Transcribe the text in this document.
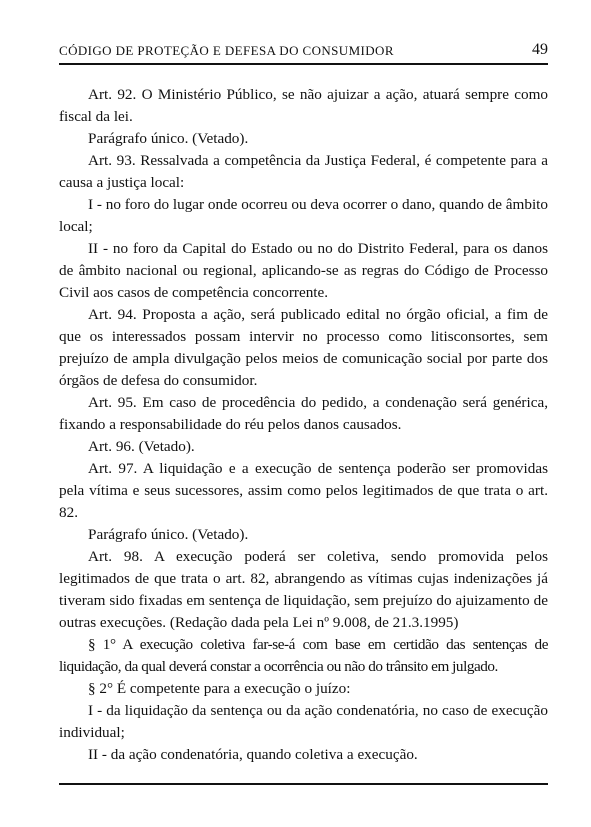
CÓDIGO DE PROTEÇÃO E DEFESA DO CONSUMIDOR	49

Art. 92. O Ministério Público, se não ajuizar a ação, atuará sempre como fiscal da lei.

Parágrafo único. (Vetado).

Art. 93. Ressalvada a competência da Justiça Federal, é competente para a causa a justiça local:

I - no foro do lugar onde ocorreu ou deva ocorrer o dano, quando de âmbito local;

II - no foro da Capital do Estado ou no do Distrito Federal, para os danos de âmbito nacional ou regional, aplicando-se as regras do Código de Processo Civil aos casos de competência concorrente.

Art. 94. Proposta a ação, será publicado edital no órgão oficial, a fim de que os interessados possam intervir no processo como litisconsortes, sem prejuízo de ampla divulgação pelos meios de comunicação social por parte dos órgãos de defesa do consumidor.

Art. 95. Em caso de procedência do pedido, a condenação será genérica, fixando a responsabilidade do réu pelos danos causados.

Art. 96. (Vetado).

Art. 97. A liquidação e a execução de sentença poderão ser promovidas pela vítima e seus sucessores, assim como pelos legitimados de que trata o art. 82.

Parágrafo único. (Vetado).

Art. 98. A execução poderá ser coletiva, sendo promovida pelos legitimados de que trata o art. 82, abrangendo as vítimas cujas indenizações já tiveram sido fixadas em sentença de liquidação, sem prejuízo do ajuizamento de outras execuções. (Redação dada pela Lei nº 9.008, de 21.3.1995)

§ 1° A execução coletiva far-se-á com base em certidão das sentenças de liquidação, da qual deverá constar a ocorrência ou não do trânsito em julgado.

§ 2° É competente para a execução o juízo:

I - da liquidação da sentença ou da ação condenatória, no caso de execução individual;

II - da ação condenatória, quando coletiva a execução.
